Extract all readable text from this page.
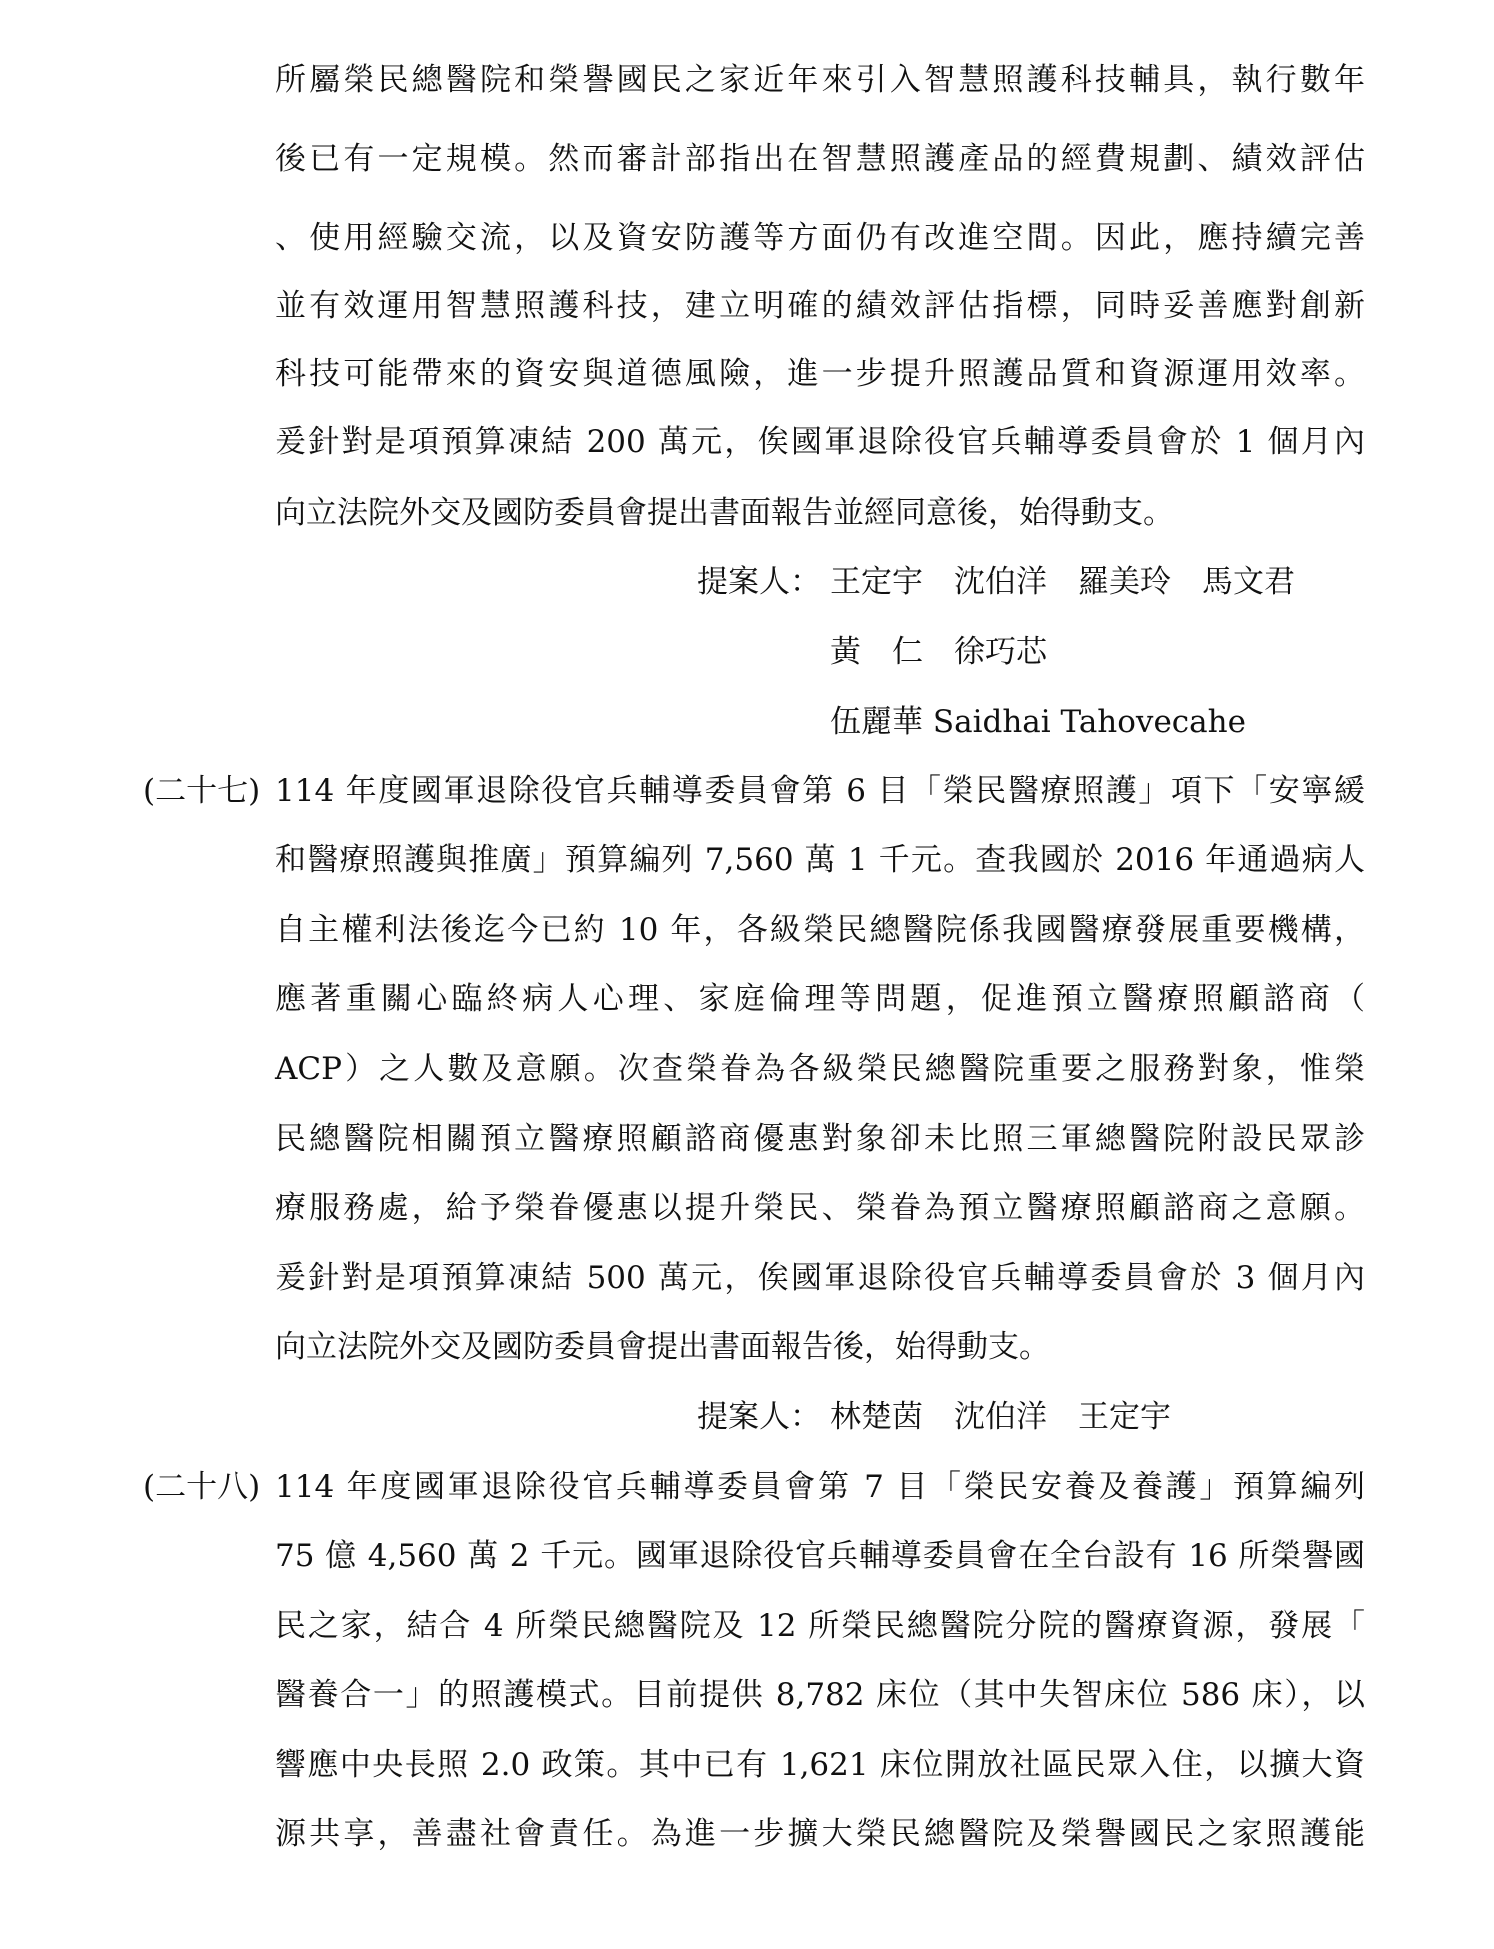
所屬榮民總醫院和榮譽國民之家近年來引入智慧照護科技輔具，執行數年
後已有一定規模。然而審計部指出在智慧照護產品的經費規劃、績效評估
、使用經驗交流，以及資安防護等方面仍有改進空間。因此，應持續完善
並有效運用智慧照護科技，建立明確的績效評估指標，同時妥善應對創新
科技可能帶來的資安與道德風險，進一步提升照護品質和資源運用效率。
爰針對是項預算凍結 200 萬元，俟國軍退除役官兵輔導委員會於 1 個月內
向立法院外交及國防委員會提出書面報告並經同意後，始得動支。
提案人： 王定宇　沈伯洋　羅美玲　馬文君
黃　仁　徐巧芯
伍麗華 Saidhai Tahovecahe
(二十七) 114 年度國軍退除役官兵輔導委員會第 6 目「榮民醫療照護」項下「安寧緩
和醫療照護與推廣」預算編列 7,560 萬 1 千元。查我國於 2016 年通過病人
自主權利法後迄今已約 10 年，各級榮民總醫院係我國醫療發展重要機構，
應著重關心臨終病人心理、家庭倫理等問題，促進預立醫療照顧諮商（
ACP）之人數及意願。次查榮眷為各級榮民總醫院重要之服務對象，惟榮
民總醫院相關預立醫療照顧諮商優惠對象卻未比照三軍總醫院附設民眾診
療服務處，給予榮眷優惠以提升榮民、榮眷為預立醫療照顧諮商之意願。
爰針對是項預算凍結 500 萬元，俟國軍退除役官兵輔導委員會於 3 個月內
向立法院外交及國防委員會提出書面報告後，始得動支。
提案人： 林楚茵　沈伯洋　王定宇
(二十八) 114 年度國軍退除役官兵輔導委員會第 7 目「榮民安養及養護」預算編列
75 億 4,560 萬 2 千元。國軍退除役官兵輔導委員會在全台設有 16 所榮譽國
民之家，結合 4 所榮民總醫院及 12 所榮民總醫院分院的醫療資源，發展「
醫養合一」的照護模式。目前提供 8,782 床位（其中失智床位 586 床），以
響應中央長照 2.0 政策。其中已有 1,621 床位開放社區民眾入住，以擴大資
源共享，善盡社會責任。為進一步擴大榮民總醫院及榮譽國民之家照護能
